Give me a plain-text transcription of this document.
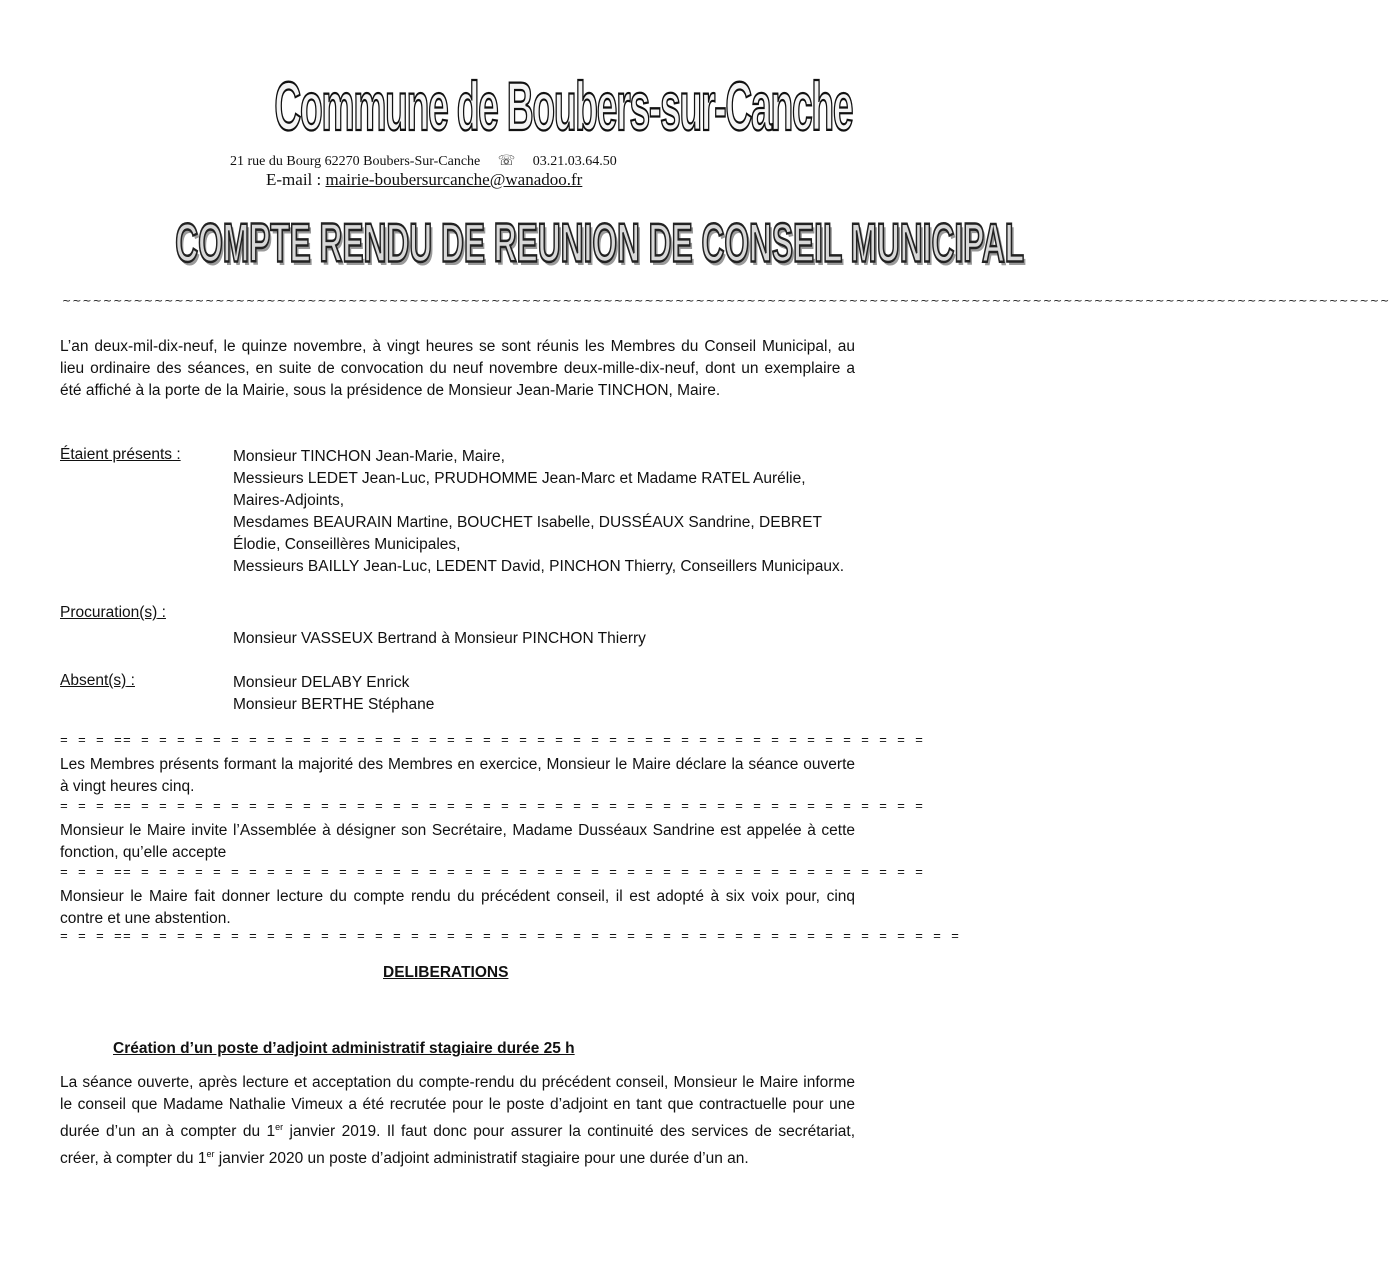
Commune de Boubers-sur-Canche
21 rue du Bourg 62270 Boubers-Sur-Canche ☏ 03.21.03.64.50
E-mail : mairie-boubersurcanche@wanadoo.fr
COMPTE RENDU DE REUNION DE CONSEIL MUNICIPAL
~~~~~~~~~~~~~~~~~~~~~~~~~~~~~~~~~~~~~~~~~~~~~~~~~~~~~~~~~~~~~~~~~~~~~~~~~~~~~~~~~~~~~~~~~~~~~~~~~~~~~~~~~~~~~~~~~~~~~~~~~~~~~~~~~~
L’an deux-mil-dix-neuf, le quinze novembre, à vingt heures se sont réunis les Membres du Conseil Municipal, au lieu ordinaire des séances, en suite de convocation du neuf novembre deux-mille-dix-neuf, dont un exemplaire a été affiché à la porte de la Mairie, sous la présidence de Monsieur Jean-Marie TINCHON, Maire.
Étaient présents :	Monsieur TINCHON Jean-Marie, Maire,
Messieurs LEDET Jean-Luc, PRUDHOMME Jean-Marc et Madame RATEL Aurélie, Maires-Adjoints,
Mesdames BEAURAIN Martine, BOUCHET Isabelle, DUSSÉAUX Sandrine, DEBRET Élodie, Conseillères Municipales,
Messieurs BAILLY Jean-Luc, LEDENT David, PINCHON Thierry, Conseillers Municipaux.
Procuration(s) :
Monsieur VASSEUX Bertrand à Monsieur PINCHON Thierry
Absent(s) :	Monsieur DELABY Enrick
Monsieur BERTHE Stéphane
= = = == = = = = = = = = = = = = = = = = = = = = = = = = = = = = = = = = = = = = = = = = = = = =
Les Membres présents formant la majorité des Membres en exercice, Monsieur le Maire déclare la séance ouverte à vingt heures cinq.
= = = == = = = = = = = = = = = = = = = = = = = = = = = = = = = = = = = = = = = = = = = = = = = =
Monsieur le Maire invite l’Assemblée à désigner son Secrétaire, Madame Dusséaux Sandrine est appelée à cette fonction, qu’elle accepte
= = = == = = = = = = = = = = = = = = = = = = = = = = = = = = = = = = = = = = = = = = = = = = = =
Monsieur le Maire fait donner lecture du compte rendu du précédent conseil, il est adopté à six voix pour, cinq contre et une abstention.
= = = == = = = = = = = = = = = = = = = = = = = = = = = = = = = = = = = = = = = = = = = = = = = = = =
DELIBERATIONS
Création d’un poste d’adjoint administratif stagiaire durée 25 h
La séance ouverte, après lecture et acceptation du compte-rendu du précédent conseil, Monsieur le Maire informe le conseil que Madame Nathalie Vimeux a été recrutée pour le poste d’adjoint en tant que contractuelle pour une durée d’un an à compter du 1er janvier 2019. Il faut donc pour assurer la continuité des services de secrétariat, créer, à compter du 1er janvier 2020 un poste d’adjoint administratif stagiaire pour une durée d’un an.
